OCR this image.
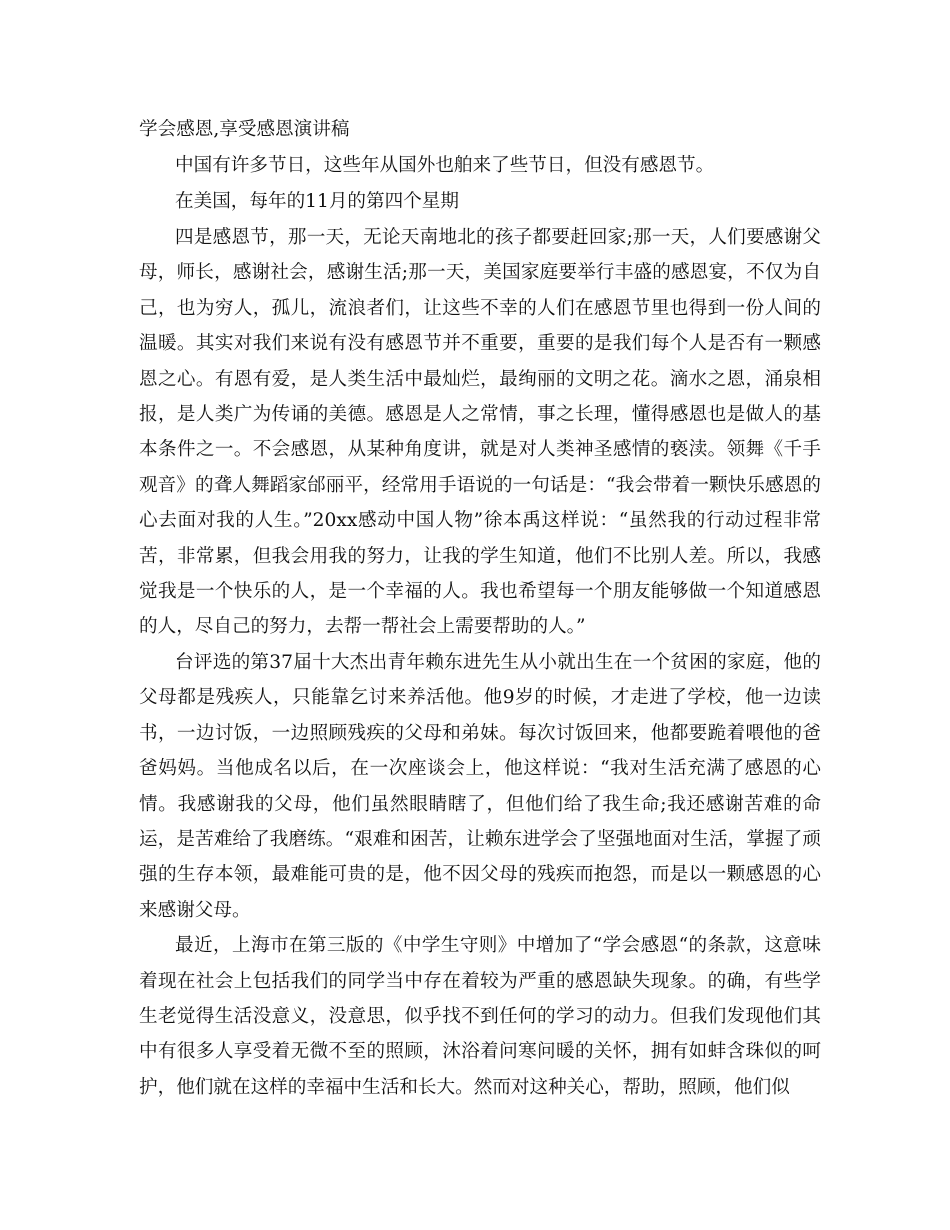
学会感恩,享受感恩演讲稿

中国有许多节日，这些年从国外也舶来了些节日，但没有感恩节。

在美国，每年的11月的第四个星期

四是感恩节，那一天，无论天南地北的孩子都要赶回家;那一天，人们要感谢父母，师长，感谢社会，感谢生活;那一天，美国家庭要举行丰盛的感恩宴，不仅为自己，也为穷人，孤儿，流浪者们，让这些不幸的人们在感恩节里也得到一份人间的温暖。其实对我们来说有没有感恩节并不重要，重要的是我们每个人是否有一颗感恩之心。有恩有爱，是人类生活中最灿烂，最绚丽的文明之花。滴水之恩，涌泉相报，是人类广为传诵的美德。感恩是人之常情，事之长理，懂得感恩也是做人的基本条件之一。不会感恩，从某种角度讲，就是对人类神圣感情的亵渎。领舞《千手观音》的聋人舞蹈家邰丽平，经常用手语说的一句话是：“我会带着一颗快乐感恩的心去面对我的人生。”20xx感动中国人物”徐本禹这样说：“虽然我的行动过程非常苦，非常累，但我会用我的努力，让我的学生知道，他们不比别人差。所以，我感觉我是一个快乐的人，是一个幸福的人。我也希望每一个朋友能够做一个知道感恩的人，尽自己的努力，去帮一帮社会上需要帮助的人。”

台评选的第37届十大杰出青年赖东进先生从小就出生在一个贫困的家庭，他的父母都是残疾人，只能靠乞讨来养活他。他9岁的时候，才走进了学校，他一边读书，一边讨饭，一边照顾残疾的父母和弟妹。每次讨饭回来，他都要跪着喂他的爸爸妈妈。当他成名以后，在一次座谈会上，他这样说：“我对生活充满了感恩的心情。我感谢我的父母，他们虽然眼睛瞎了，但他们给了我生命;我还感谢苦难的命运，是苦难给了我磨练。“艰难和困苦，让赖东进学会了坚强地面对生活，掌握了顽强的生存本领，最难能可贵的是，他不因父母的残疾而抱怨，而是以一颗感恩的心来感谢父母。

最近，上海市在第三版的《中学生守则》中增加了“学会感恩“的条款，这意味着现在社会上包括我们的同学当中存在着较为严重的感恩缺失现象。的确，有些学生老觉得生活没意义，没意思，似乎找不到任何的学习的动力。但我们发现他们其中有很多人享受着无微不至的照顾，沐浴着问寒问暖的关怀，拥有如蚌含珠似的呵护，他们就在这样的幸福中生活和长大。然而对这种关心，帮助，照顾，他们似
